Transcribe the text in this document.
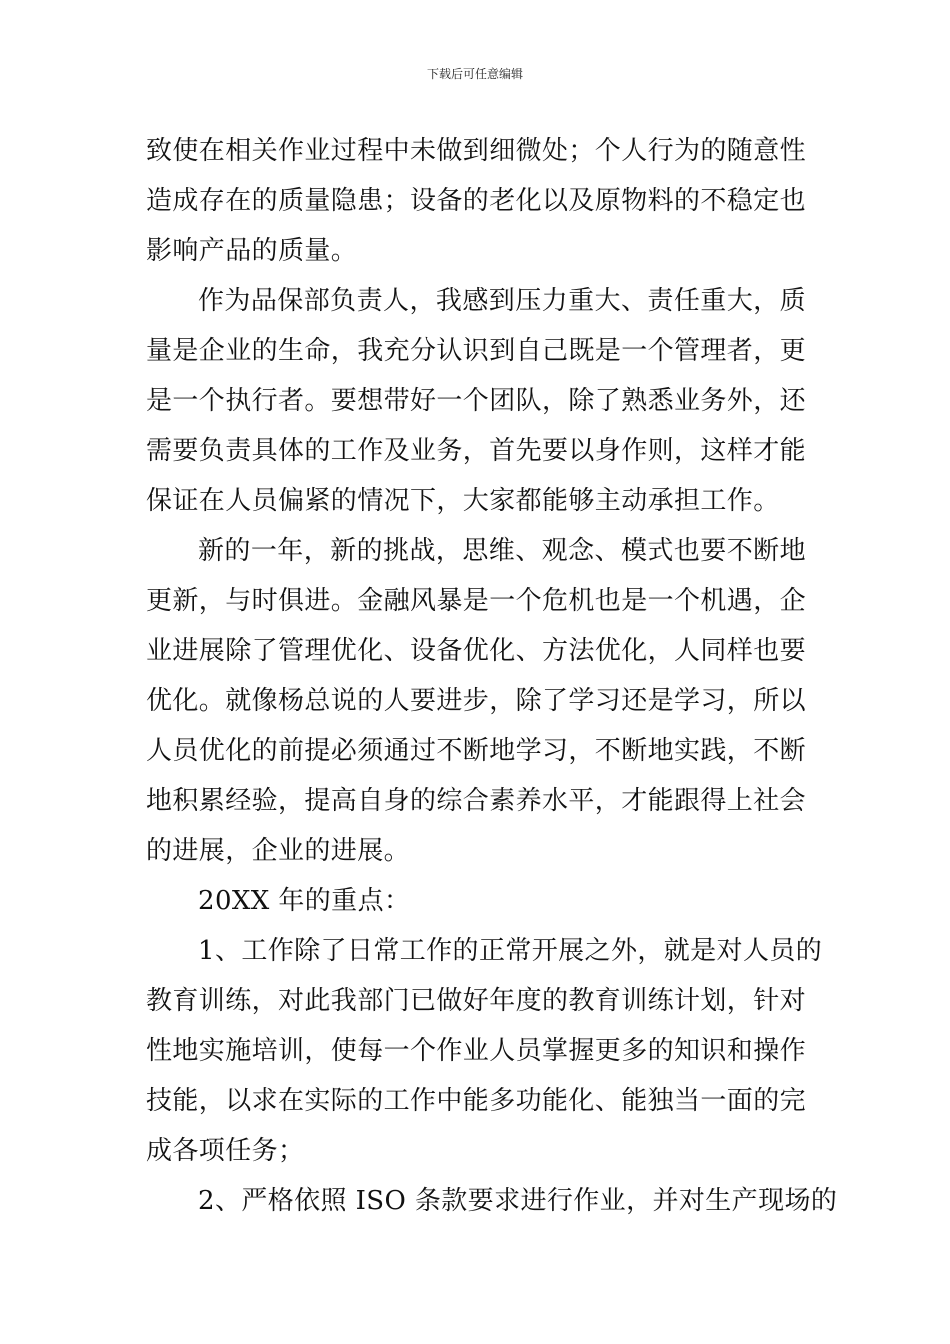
下载后可任意编辑
致使在相关作业过程中未做到细微处；个人行为的随意性
造成存在的质量隐患；设备的老化以及原物料的不稳定也
影响产品的质量。
作为品保部负责人，我感到压力重大、责任重大，质
量是企业的生命，我充分认识到自己既是一个管理者，更
是一个执行者。要想带好一个团队，除了熟悉业务外，还
需要负责具体的工作及业务，首先要以身作则，这样才能
保证在人员偏紧的情况下，大家都能够主动承担工作。
新的一年，新的挑战，思维、观念、模式也要不断地
更新，与时俱进。金融风暴是一个危机也是一个机遇，企
业进展除了管理优化、设备优化、方法优化，人同样也要
优化。就像杨总说的人要进步，除了学习还是学习，所以
人员优化的前提必须通过不断地学习，不断地实践，不断
地积累经验，提高自身的综合素养水平，才能跟得上社会
的进展，企业的进展。
20XX 年的重点：
1、工作除了日常工作的正常开展之外，就是对人员的
教育训练，对此我部门已做好年度的教育训练计划，针对
性地实施培训，使每一个作业人员掌握更多的知识和操作
技能，以求在实际的工作中能多功能化、能独当一面的完
成各项任务；
2、严格依照 ISO 条款要求进行作业，并对生产现场的
